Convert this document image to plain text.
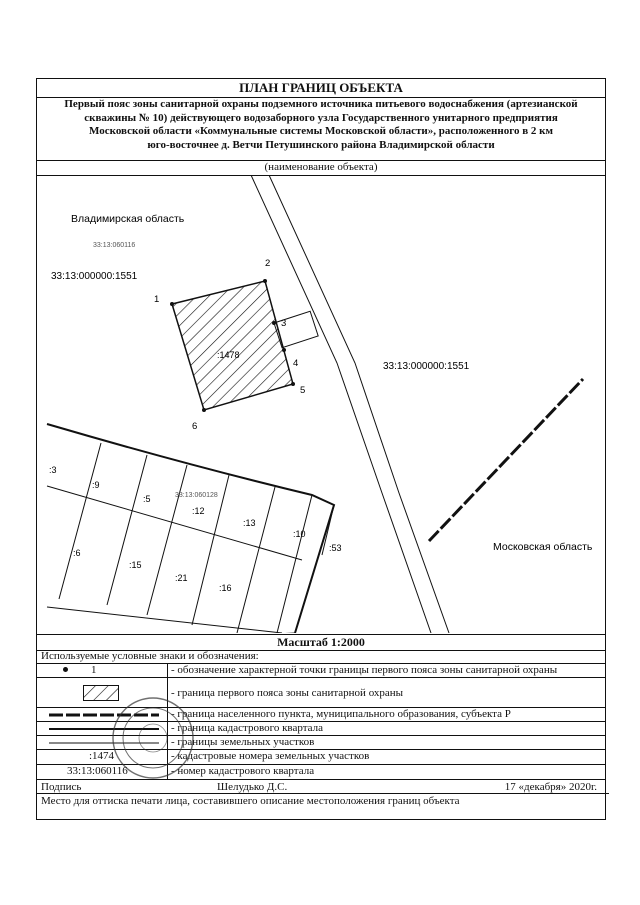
ПЛАН ГРАНИЦ ОБЪЕКТА
Первый пояс зоны санитарной охраны подземного источника питьевого водоснабжения (артезианской
скважины № 10) действующего водозаборного узла Государственного унитарного предприятия
Московской области «Коммунальные системы Московской области», расположенного в 2 км
юго-восточнее д. Ветчи Петушинского района Владимирской области
(наименование объекта)
Владимирская область
33:13:060116
33:13:000000:1551
33:13:000000:1551
Московская область
:1478
33:13:060128
1
2
3
4
5
6
:3
:9
:5
:12
:13
:10
:53
:6
:15
:21
:16
Масштаб 1:2000
Используемые условные знаки и обозначения:
1	- обозначение характерной точки границы первого пояса зоны санитарной охраны
- граница первого пояса зоны санитарной охраны
- граница населенного пункта, муниципального образования, субъекта Р
- граница кадастрового квартала
- границы земельных участков
:1474	- кадастровые номера земельных участков
33:13:060116	- номер кадастрового квартала
Подпись	Шелудько Д.С.	17 «декабря» 2020г.
Место для оттиска печати лица, составившего описание местоположения границ объекта
